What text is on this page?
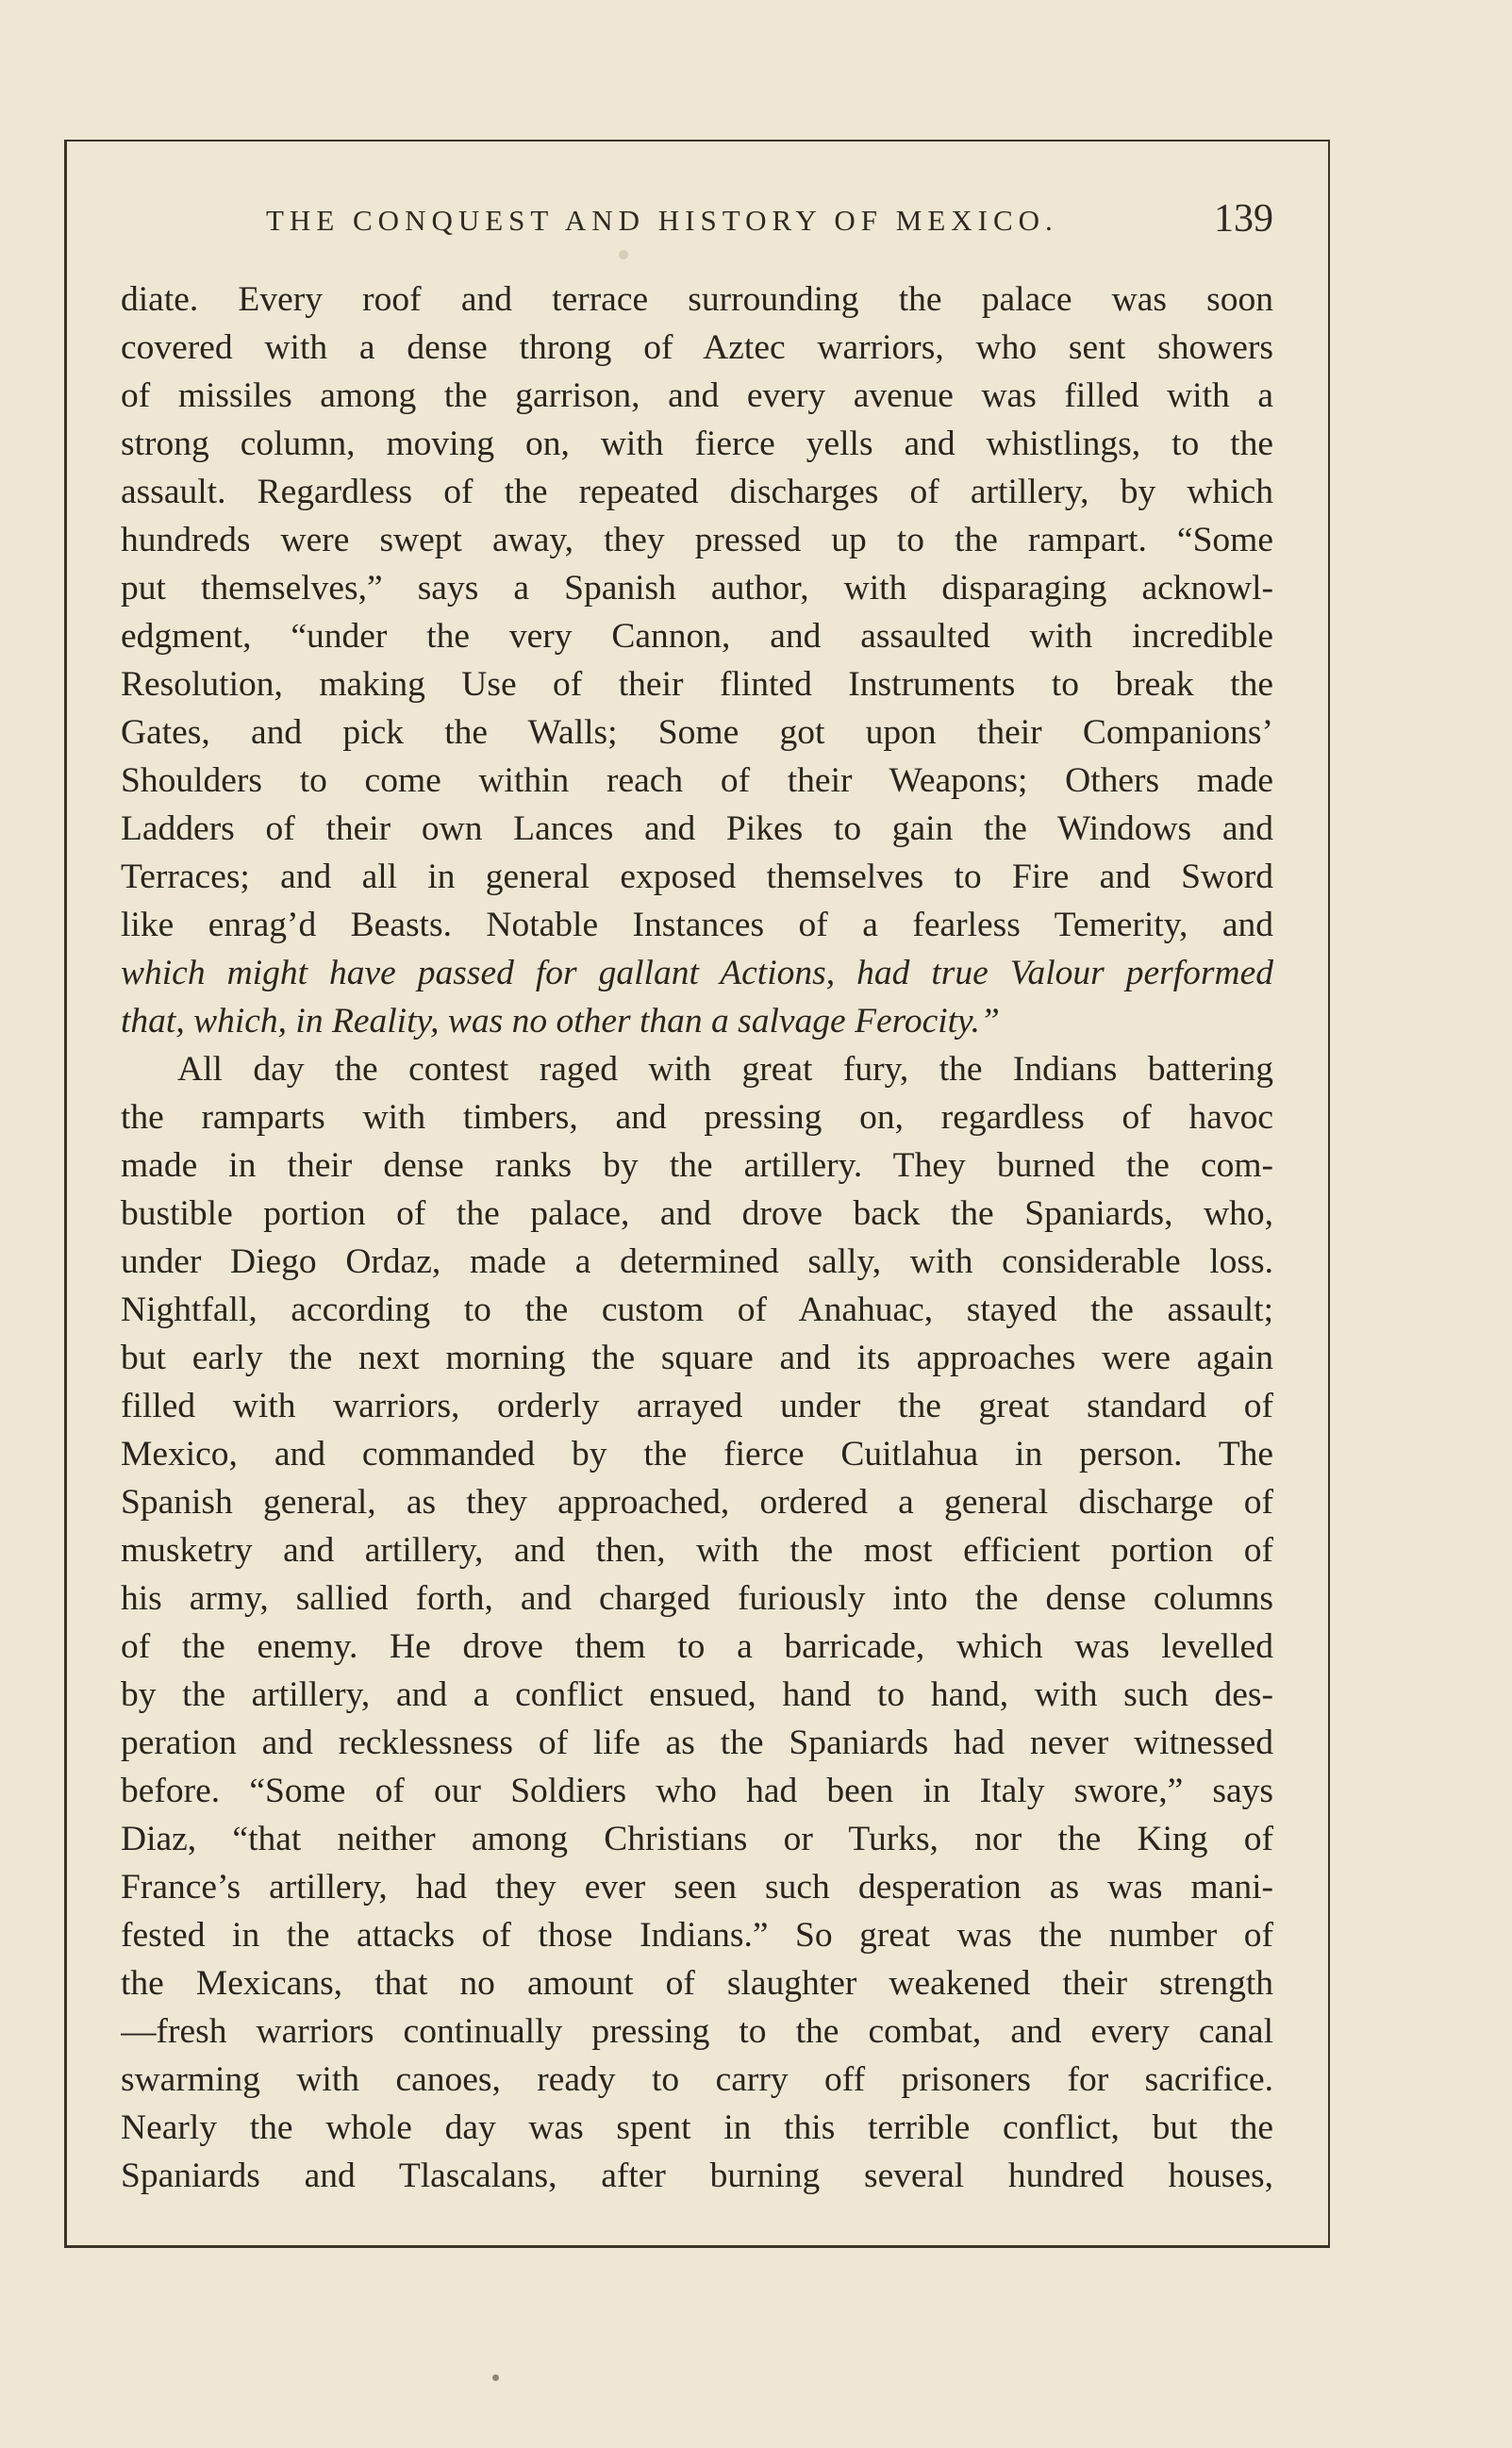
THE CONQUEST AND HISTORY OF MEXICO.	139
diate. Every roof and terrace surrounding the palace was soon
covered with a dense throng of Aztec warriors, who sent showers
of missiles among the garrison, and every avenue was filled with a
strong column, moving on, with fierce yells and whistlings, to the
assault. Regardless of the repeated discharges of artillery, by which
hundreds were swept away, they pressed up to the rampart. “Some
put themselves,” says a Spanish author, with disparaging acknowl-
edgment, “under the very Cannon, and assaulted with incredible
Resolution, making Use of their flinted Instruments to break the
Gates, and pick the Walls; Some got upon their Companions’
Shoulders to come within reach of their Weapons; Others made
Ladders of their own Lances and Pikes to gain the Windows and
Terraces; and all in general exposed themselves to Fire and Sword
like enrag’d Beasts. Notable Instances of a fearless Temerity, and
which might have passed for gallant Actions, had true Valour performed
that, which, in Reality, was no other than a salvage Ferocity.”
All day the contest raged with great fury, the Indians battering
the ramparts with timbers, and pressing on, regardless of havoc
made in their dense ranks by the artillery. They burned the com-
bustible portion of the palace, and drove back the Spaniards, who,
under Diego Ordaz, made a determined sally, with considerable loss.
Nightfall, according to the custom of Anahuac, stayed the assault;
but early the next morning the square and its approaches were again
filled with warriors, orderly arrayed under the great standard of
Mexico, and commanded by the fierce Cuitlahua in person. The
Spanish general, as they approached, ordered a general discharge of
musketry and artillery, and then, with the most efficient portion of
his army, sallied forth, and charged furiously into the dense columns
of the enemy. He drove them to a barricade, which was levelled
by the artillery, and a conflict ensued, hand to hand, with such des-
peration and recklessness of life as the Spaniards had never witnessed
before. “Some of our Soldiers who had been in Italy swore,” says
Diaz, “that neither among Christians or Turks, nor the King of
France’s artillery, had they ever seen such desperation as was mani-
fested in the attacks of those Indians.” So great was the number of
the Mexicans, that no amount of slaughter weakened their strength
—fresh warriors continually pressing to the combat, and every canal
swarming with canoes, ready to carry off prisoners for sacrifice.
Nearly the whole day was spent in this terrible conflict, but the
Spaniards and Tlascalans, after burning several hundred houses,
